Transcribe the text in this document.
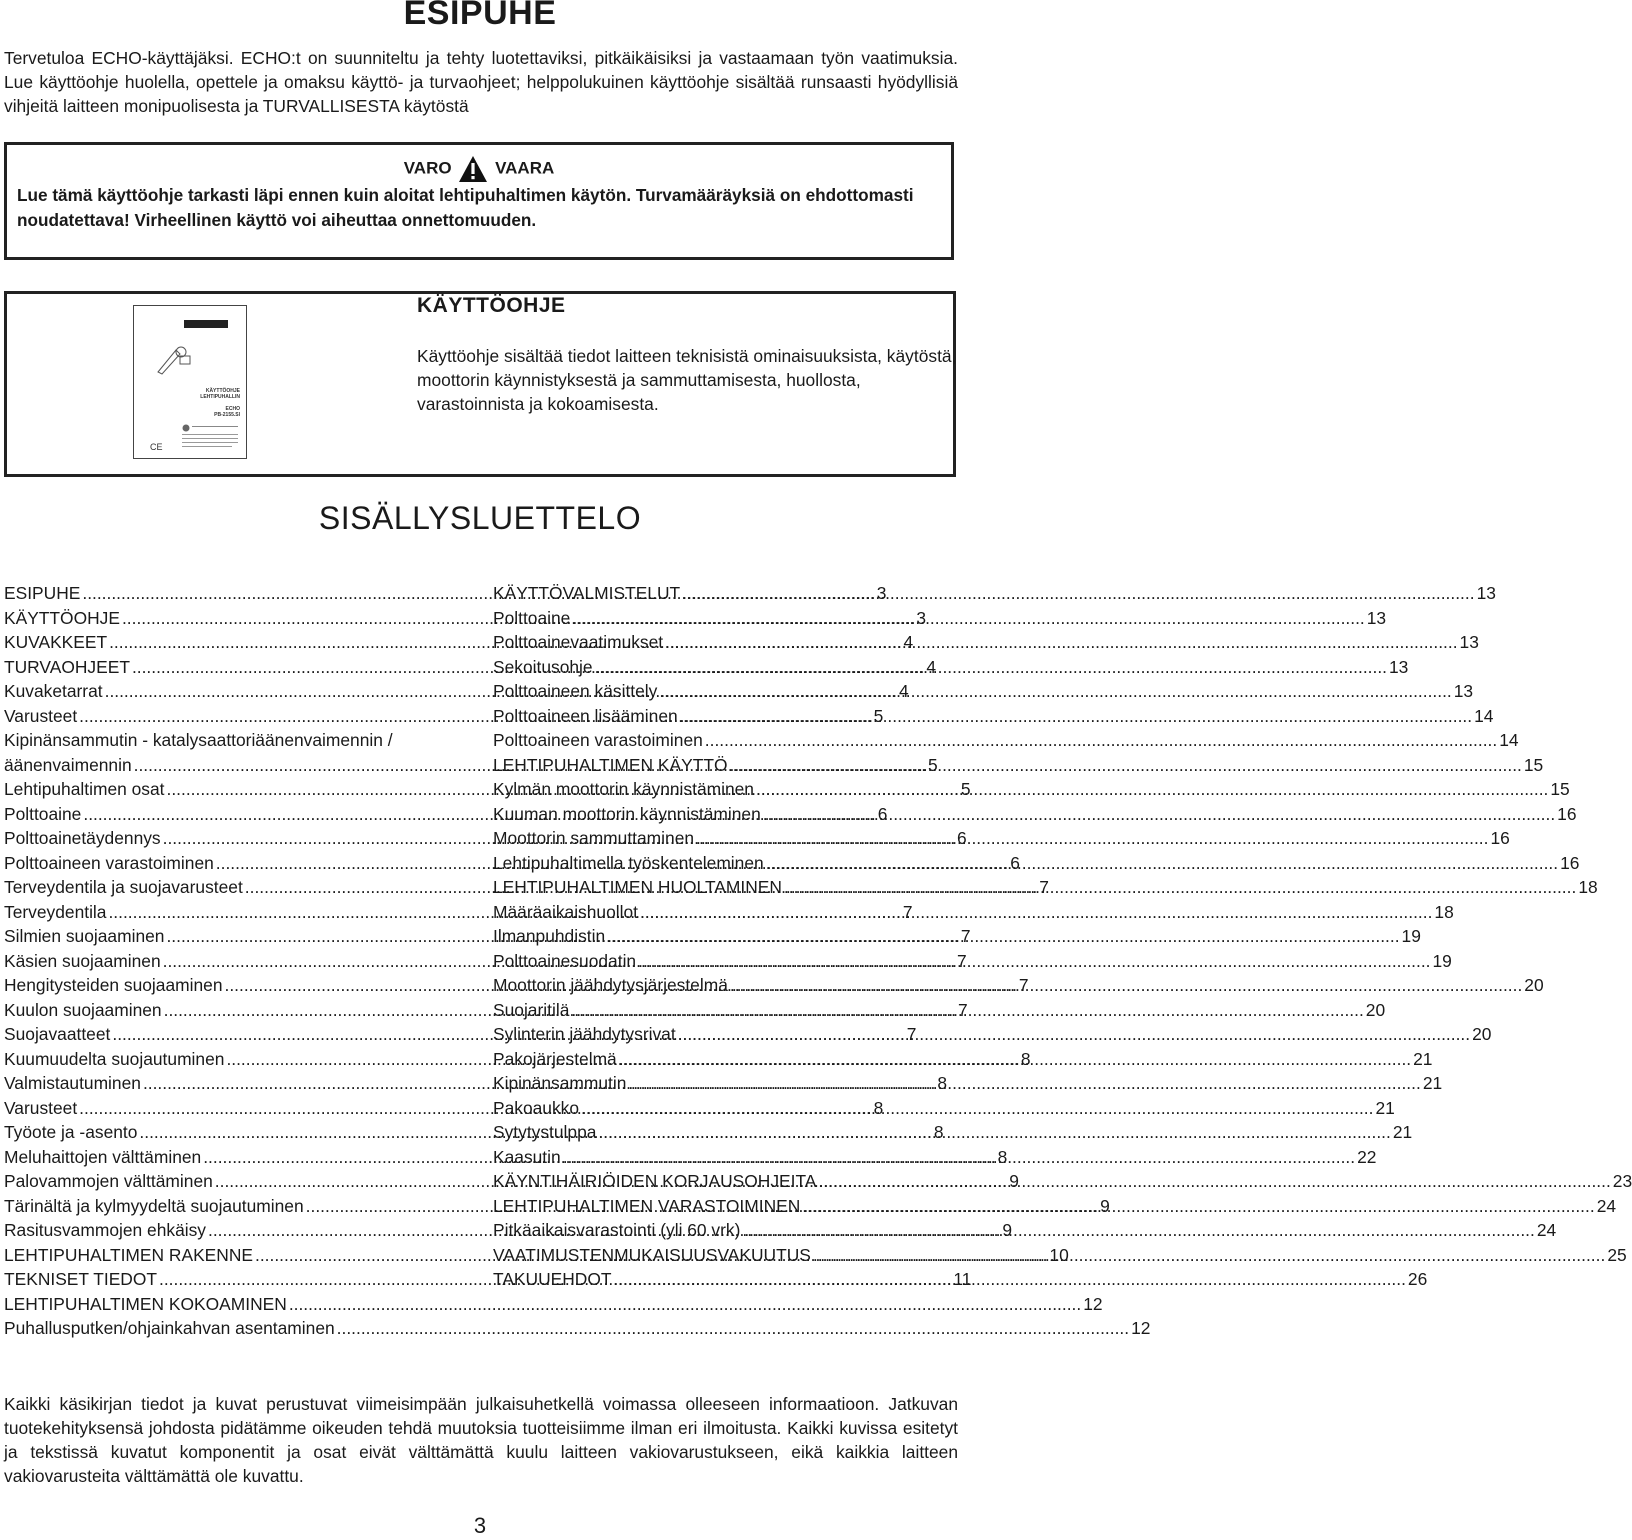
ESIPUHE

Tervetuloa ECHO-käyttäjäksi. ECHO:t on suunniteltu ja tehty luotettaviksi, pitkäikäisiksi ja vastaamaan työn vaatimuksia. Lue käyttöohje huolella, opettele ja omaksu käyttö- ja turvaohjeet; helppolukuinen käyttöohje sisältää runsaasti hyödyllisiä vihjeitä laitteen monipuolisesta ja TURVALLISESTA käytöstä

VARO	VAARA

Lue tämä käyttöohje tarkasti läpi ennen kuin aloitat lehtipuhaltimen käytön. Turvamääräyksiä on ehdottomasti noudatettava! Virheellinen käyttö voi aiheuttaa onnettomuuden.

KÄYTTÖOHJE
LEHTIPUHALLIN
ECHO
PB-2155.SI
CE
KÄYTTÖOHJE

Käyttöohje sisältää tiedot laitteen teknisistä ominaisuuksista, käytöstä, moottorin käynnistyksestä ja sammuttamisesta, huollosta, varastoinnista ja kokoamisesta.

SISÄLLYSLUETTELO
ESIPUHE .....	3
KÄYTTÖOHJE .....	3
KUVAKKEET .....	4
TURVAOHJEET .....	4
Kuvaketarrat .....	4
Varusteet .....	5
Kipinänsammutin - katalysaattoriäänenvaimennin /
äänenvaimennin .....	5
Lehtipuhaltimen osat .....	5
Polttoaine .....	6
Polttoainetäydennys .....	6
Polttoaineen varastoiminen .....	6
Terveydentila ja suojavarusteet .....	7
Terveydentila .....	7
Silmien suojaaminen .....	7
Käsien suojaaminen .....	7
Hengitysteiden suojaaminen .....	7
Kuulon suojaaminen .....	7
Suojavaatteet .....	7
Kuumuudelta suojautuminen .....	8
Valmistautuminen .....	8
Varusteet .....	8
Työote ja -asento .....	8
Meluhaittojen välttäminen .....	8
Palovammojen välttäminen .....	9
Tärinältä ja kylmyydeltä suojautuminen .....	9
Rasitusvammojen ehkäisy .....	9
LEHTIPUHALTIMEN RAKENNE .....	10
TEKNISET TIEDOT .....	11
LEHTIPUHALTIMEN KOKOAMINEN .....	12
Puhallusputken/ohjainkahvan asentaminen .....	12
KÄYTTÖVALMISTELUT .....	13
Polttoaine .....	13
Polttoainevaatimukset .....	13
Sekoitusohje .....	13
Polttoaineen käsittely .....	13
Polttoaineen lisääminen .....	14
Polttoaineen varastoiminen .....	14
LEHTIPUHALTIMEN KÄYTTÖ .....	15
Kylmän moottorin käynnistäminen .....	15
Kuuman moottorin käynnistäminen .....	16
Moottorin sammuttaminen .....	16
Lehtipuhaltimella työskenteleminen .....	16
LEHTIPUHALTIMEN HUOLTAMINEN .....	18
Määräaikaishuollot .....	18
Ilmanpuhdistin .....	19
Polttoainesuodatin .....	19
Moottorin jäähdytysjärjestelmä .....	20
Suojaritilä .....	20
Sylinterin jäähdytysrivat .....	20
Pakojärjestelmä .....	21
Kipinänsammutin .....	21
Pakoaukko .....	21
Sytytystulppa .....	21
Kaasutin .....	22
KÄYNTIHÄIRIÖIDEN KORJAUSOHJEITA .....	23
LEHTIPUHALTIMEN VARASTOIMINEN .....	24
Pitkäaikaisvarastointi (yli 60 vrk) .....	24
VAATIMUSTENMUKAISUUSVAKUUTUS .....	25
TAKUUEHDOT .....	26

Kaikki käsikirjan tiedot ja kuvat perustuvat viimeisimpään julkaisuhetkellä voimassa olleeseen informaatioon. Jatkuvan tuotekehityksensä johdosta pidätämme oikeuden tehdä muutoksia tuotteisiimme ilman eri ilmoitusta. Kaikki kuvissa esitetyt ja tekstissä kuvatut komponentit ja osat eivät välttämättä kuulu laitteen vakiovarustukseen, eikä kaikkia laitteen vakiovarusteita välttämättä ole kuvattu.

3
